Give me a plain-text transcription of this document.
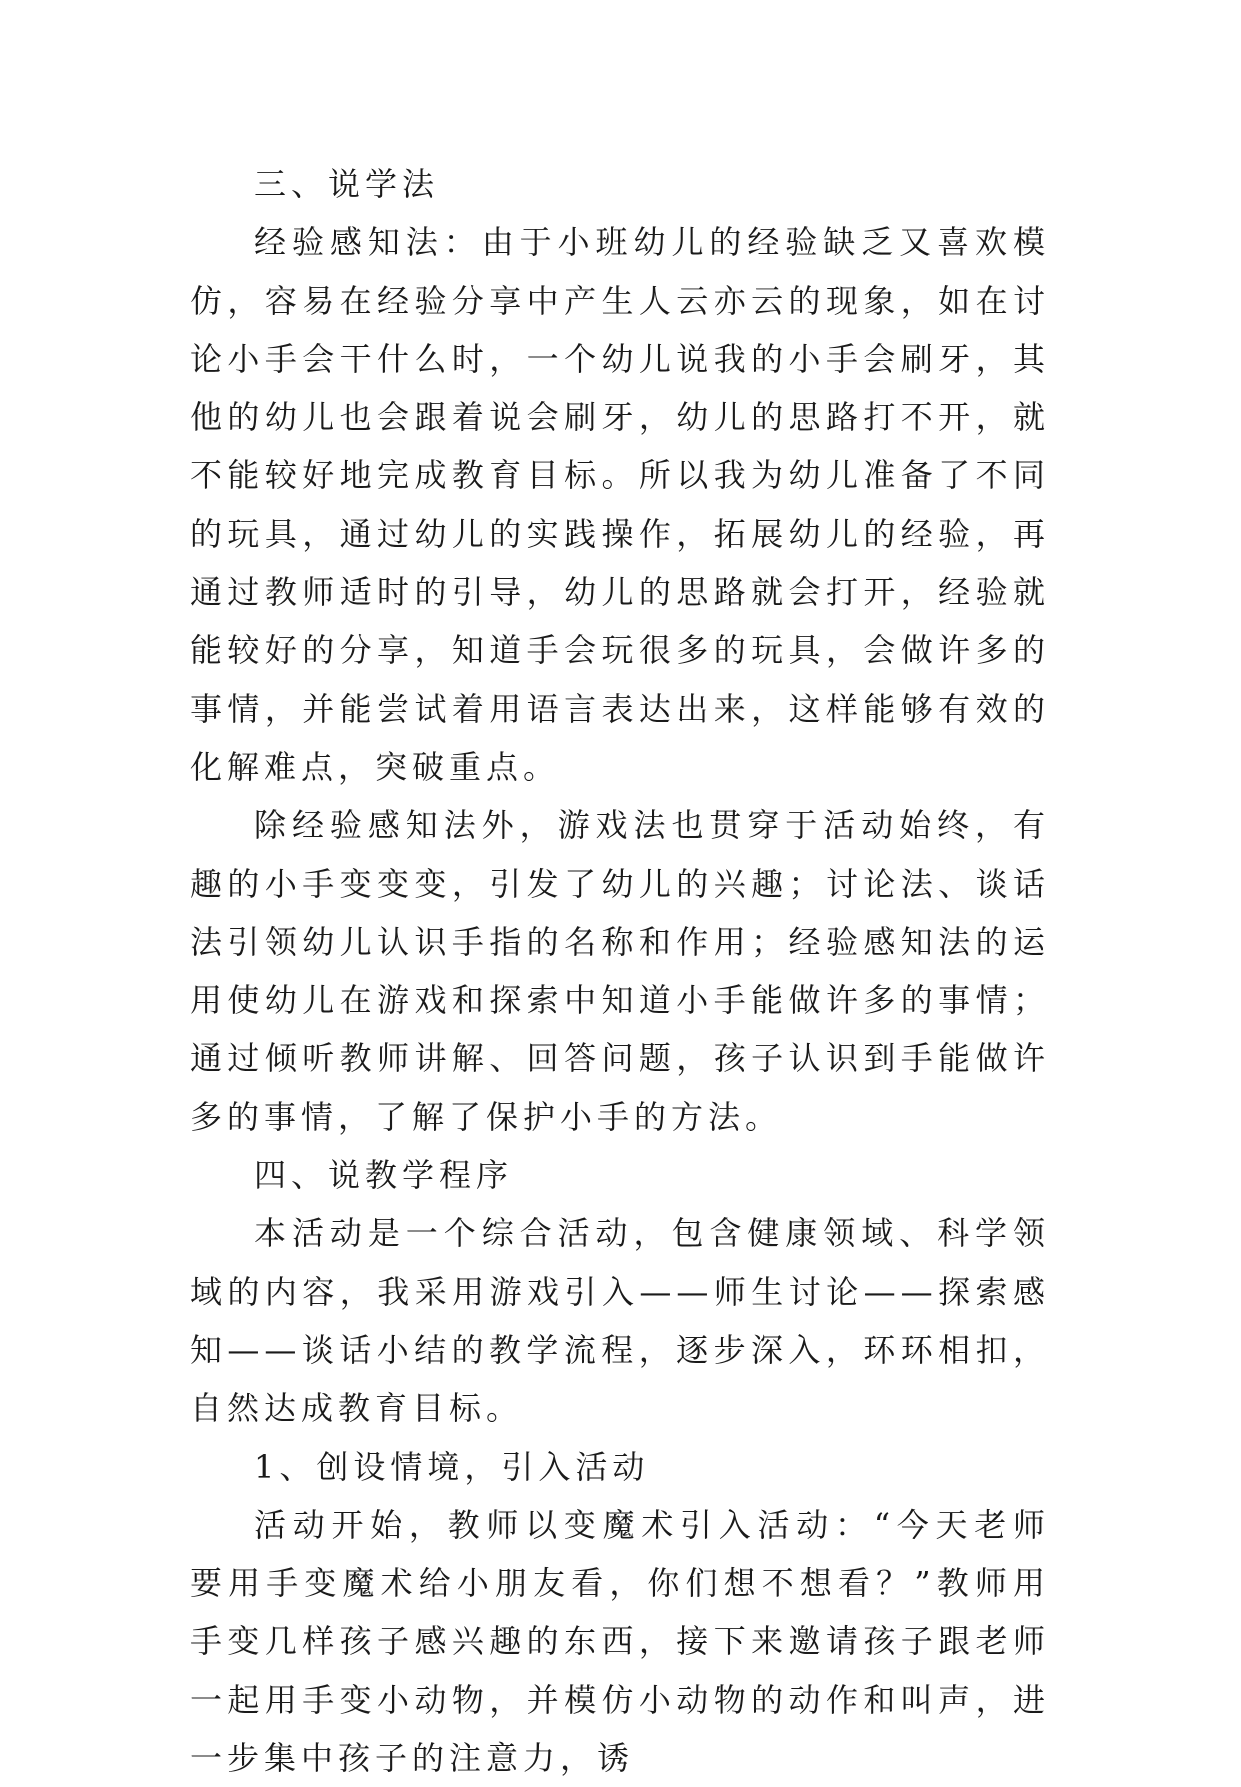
三、说学法

经验感知法：由于小班幼儿的经验缺乏又喜欢模仿，容易在经验分享中产生人云亦云的现象，如在讨论小手会干什么时，一个幼儿说我的小手会刷牙，其他的幼儿也会跟着说会刷牙，幼儿的思路打不开，就不能较好地完成教育目标。所以我为幼儿准备了不同的玩具，通过幼儿的实践操作，拓展幼儿的经验，再通过教师适时的引导，幼儿的思路就会打开，经验就能较好的分享，知道手会玩很多的玩具，会做许多的事情，并能尝试着用语言表达出来，这样能够有效的化解难点，突破重点。

除经验感知法外，游戏法也贯穿于活动始终，有趣的小手变变变，引发了幼儿的兴趣；讨论法、谈话法引领幼儿认识手指的名称和作用；经验感知法的运用使幼儿在游戏和探索中知道小手能做许多的事情；通过倾听教师讲解、回答问题，孩子认识到手能做许多的事情，了解了保护小手的方法。

四、说教学程序

本活动是一个综合活动，包含健康领域、科学领域的内容，我采用游戏引入——师生讨论——探索感知——谈话小结的教学流程，逐步深入，环环相扣，自然达成教育目标。

1、创设情境，引入活动

活动开始，教师以变魔术引入活动：“今天老师要用手变魔术给小朋友看，你们想不想看？”教师用手变几样孩子感兴趣的东西，接下来邀请孩子跟老师一起用手变小动物，并模仿小动物的动作和叫声，进一步集中孩子的注意力，诱
